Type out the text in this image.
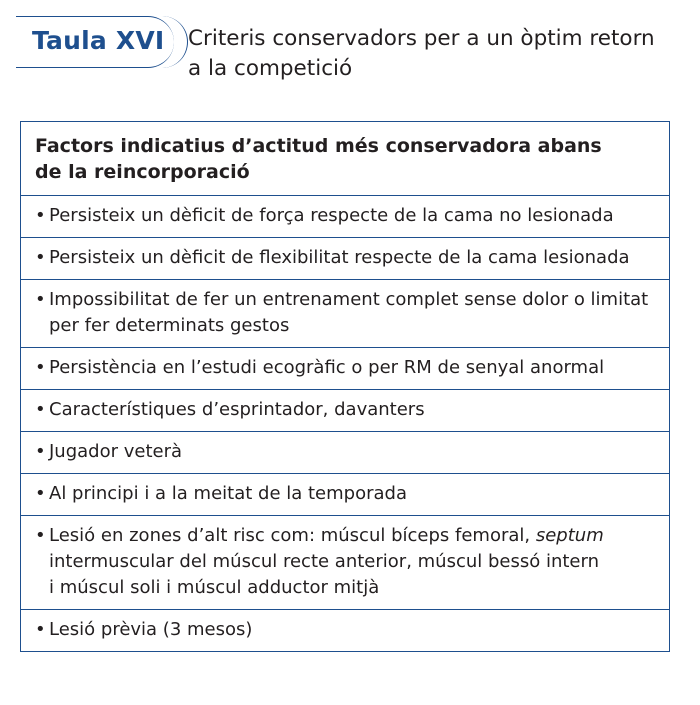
Taula XVI Criteris conservadors per a un òptim retorn
a la competició
Factors indicatius d’actitud més conservadora abans
de la reincorporació
• Persisteix un dèficit de força respecte de la cama no lesionada
• Persisteix un dèficit de flexibilitat respecte de la cama lesionada
• Impossibilitat de fer un entrenament complet sense dolor o limitat
per fer determinats gestos
• Persistència en l’estudi ecogràfic o per RM de senyal anormal
• Característiques d’esprintador, davanters
• Jugador veterà
• Al principi i a la meitat de la temporada
• Lesió en zones d’alt risc com: múscul bíceps femoral, septum
intermuscular del múscul recte anterior, múscul bessó intern
i múscul soli i múscul adductor mitjà
• Lesió prèvia (3 mesos)
